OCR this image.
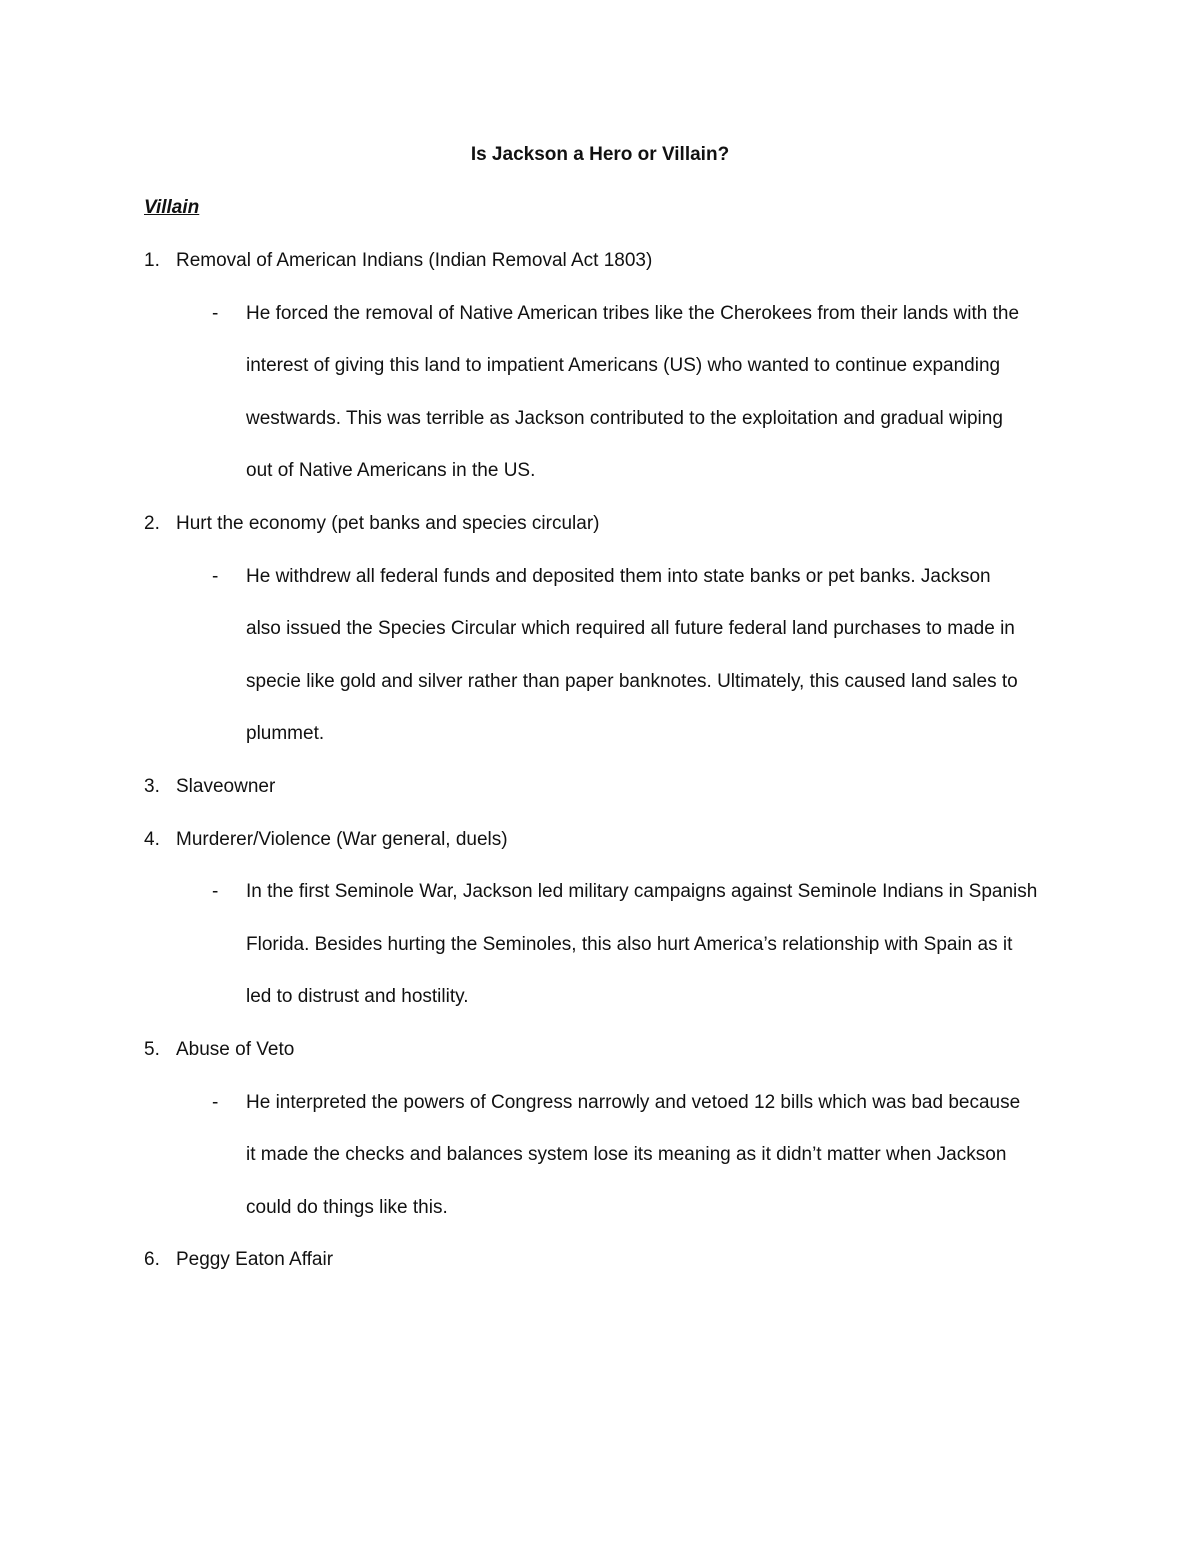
Is Jackson a Hero or Villain?
Villain
1. Removal of American Indians (Indian Removal Act 1803)
- He forced the removal of Native American tribes like the Cherokees from their lands with the
interest of giving this land to impatient Americans (US) who wanted to continue expanding
westwards. This was terrible as Jackson contributed to the exploitation and gradual wiping
out of Native Americans in the US.
2. Hurt the economy (pet banks and species circular)
- He withdrew all federal funds and deposited them into state banks or pet banks. Jackson
also issued the Species Circular which required all future federal land purchases to made in
specie like gold and silver rather than paper banknotes. Ultimately, this caused land sales to
plummet.
3. Slaveowner
4. Murderer/Violence (War general, duels)
- In the first Seminole War, Jackson led military campaigns against Seminole Indians in Spanish
Florida. Besides hurting the Seminoles, this also hurt America’s relationship with Spain as it
led to distrust and hostility.
5. Abuse of Veto
- He interpreted the powers of Congress narrowly and vetoed 12 bills which was bad because
it made the checks and balances system lose its meaning as it didn’t matter when Jackson
could do things like this.
6. Peggy Eaton Affair
